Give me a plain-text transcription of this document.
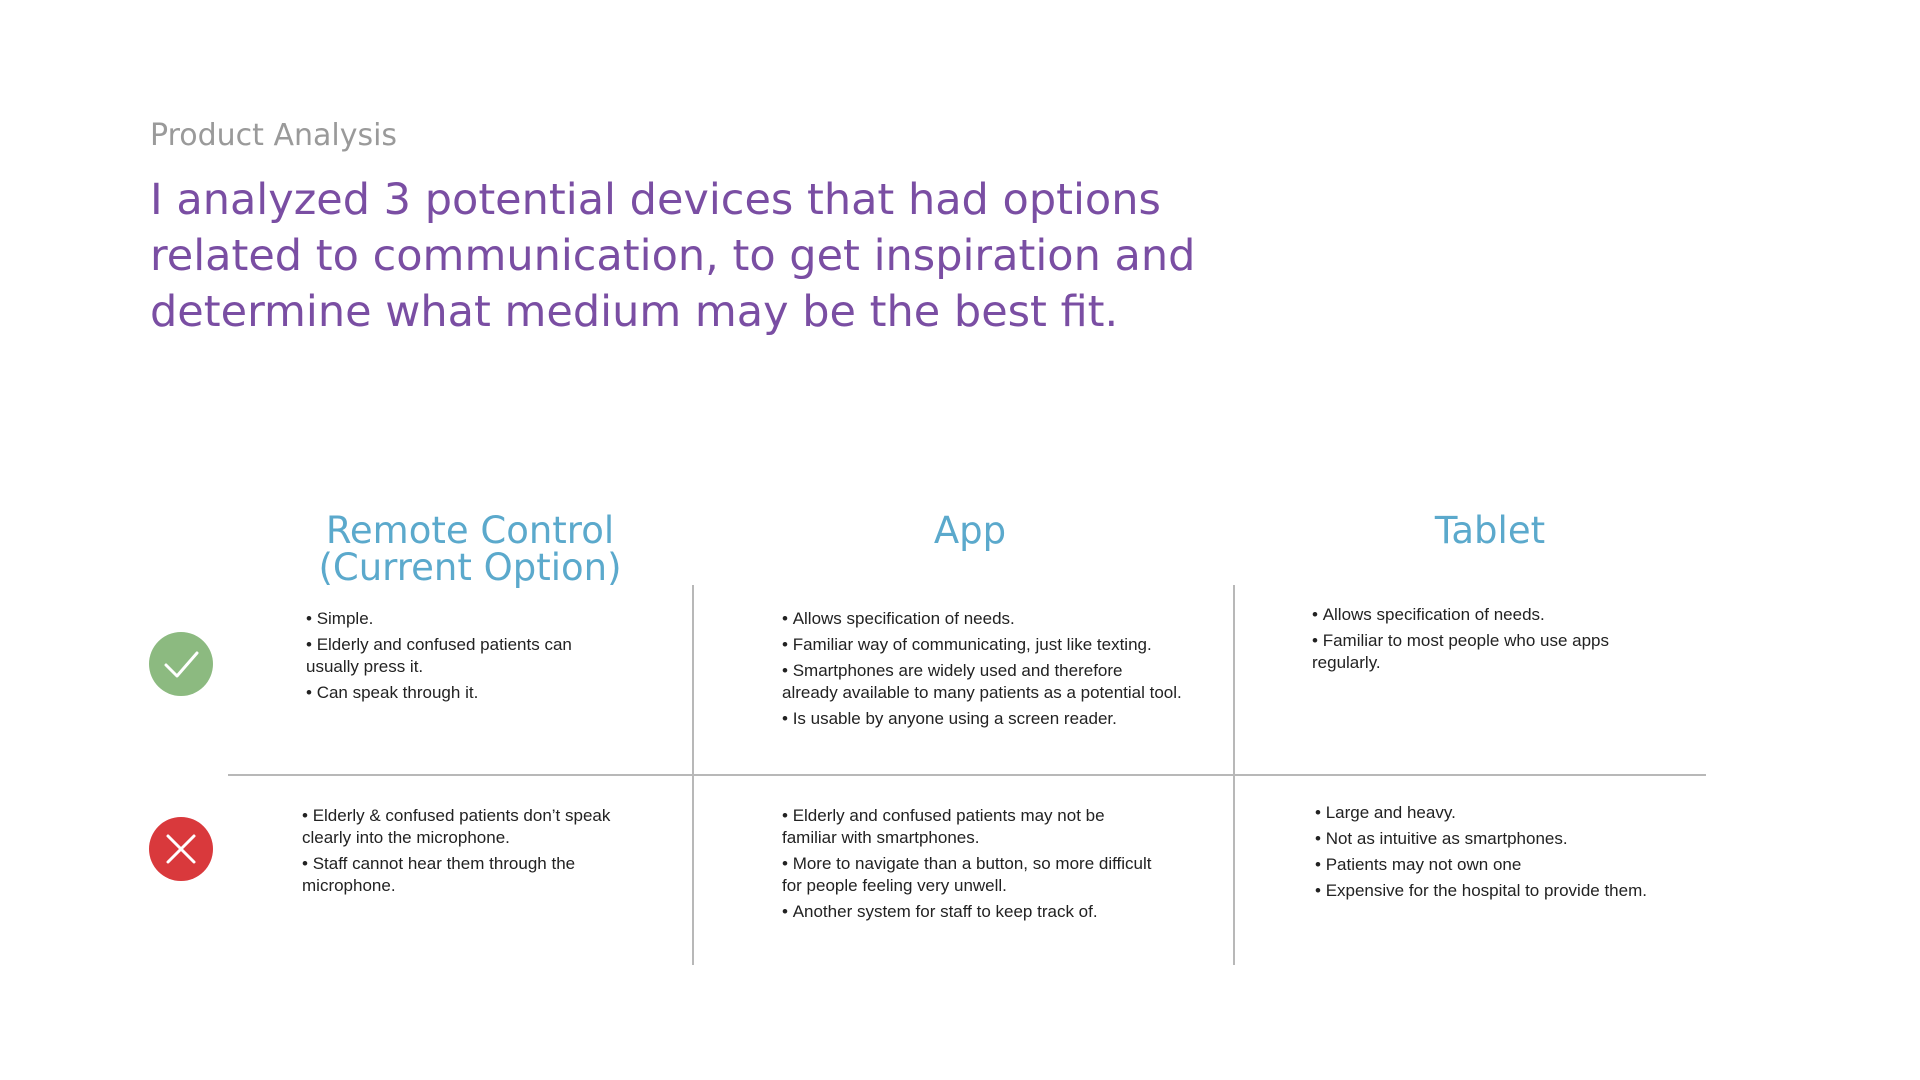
Product Analysis
I analyzed 3 potential devices that had options related to communication, to get inspiration and determine what medium may be the best fit.
Remote Control
(Current Option)
App	Tablet
• Simple.
• Elderly and confused patients can usually press it.
• Can speak through it.
• Allows specification of needs.
• Familiar way of communicating, just like texting.
• Smartphones are widely used and therefore already available to many patients as a potential tool.
• Is usable by anyone using a screen reader.
• Allows specification of needs.
• Familiar to most people who use apps regularly.
• Elderly & confused patients don’t speak clearly into the microphone.
• Staff cannot hear them through the microphone.
• Elderly and confused patients may not be familiar with smartphones.
• More to navigate than a button, so more difficult for people feeling very unwell.
• Another system for staff to keep track of.
• Large and heavy.
• Not as intuitive as smartphones.
• Patients may not own one
• Expensive for the hospital to provide them.
